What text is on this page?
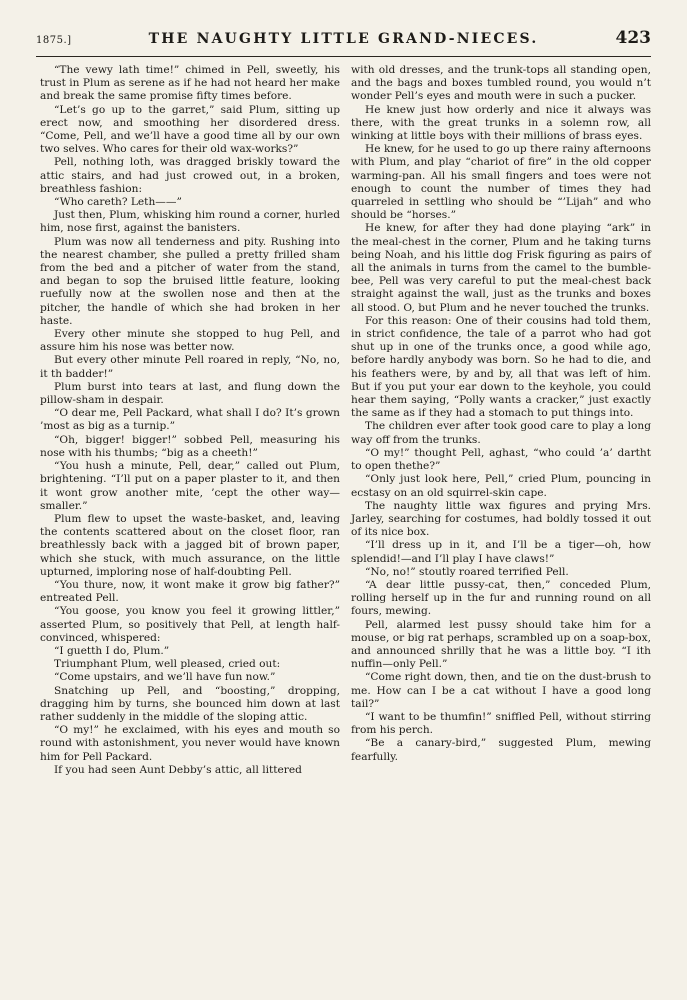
1875.]	THE NAUGHTY LITTLE GRAND-NIECES.	423

“The vewy lath time!” chimed in Pell, sweetly, his trust in Plum as serene as if he had not heard her make and break the same promise fifty times before.

“Let’s go up to the garret,” said Plum, sitting up erect now, and smoothing her disordered dress. “Come, Pell, and we’ll have a good time all by our own two selves. Who cares for their old wax-works?”

Pell, nothing loth, was dragged briskly toward the attic stairs, and had just crowed out, in a broken, breathless fashion:

“Who careth? Leth——”

Just then, Plum, whisking him round a corner, hurled him, nose first, against the banisters.

Plum was now all tenderness and pity. Rushing into the nearest chamber, she pulled a pretty frilled sham from the bed and a pitcher of water from the stand, and began to sop the bruised little feature, looking ruefully now at the swollen nose and then at the pitcher, the handle of which she had broken in her haste.

Every other minute she stopped to hug Pell, and assure him his nose was better now.

But every other minute Pell roared in reply, “No, no, it th badder!”

Plum burst into tears at last, and flung down the pillow-sham in despair.

“O dear me, Pell Packard, what shall I do? It’s grown ’most as big as a turnip.”

“Oh, bigger! bigger!” sobbed Pell, measuring his nose with his thumbs; “big as a cheeth!”

“You hush a minute, Pell, dear,” called out Plum, brightening. “I’ll put on a paper plaster to it, and then it wont grow another mite, ’cept the other way—smaller.”

Plum flew to upset the waste-basket, and, leaving the contents scattered about on the closet floor, ran breathlessly back with a jagged bit of brown paper, which she stuck, with much assurance, on the little upturned, imploring nose of half-doubting Pell.

“You thure, now, it wont make it grow big father?” entreated Pell.

“You goose, you know you feel it growing littler,” asserted Plum, so positively that Pell, at length half-convinced, whispered:

“I guetth I do, Plum.”

Triumphant Plum, well pleased, cried out:

“Come upstairs, and we’ll have fun now.”

Snatching up Pell, and “boosting,” dropping, dragging him by turns, she bounced him down at last rather suddenly in the middle of the sloping attic.

“O my!” he exclaimed, with his eyes and mouth so round with astonishment, you never would have known him for Pell Packard.

If you had seen Aunt Debby’s attic, all littered

with old dresses, and the trunk-tops all standing open, and the bags and boxes tumbled round, you would n’t wonder Pell’s eyes and mouth were in such a pucker.

He knew just how orderly and nice it always was there, with the great trunks in a solemn row, all winking at little boys with their millions of brass eyes.

He knew, for he used to go up there rainy afternoons with Plum, and play “chariot of fire” in the old copper warming-pan. All his small fingers and toes were not enough to count the number of times they had quarreled in settling who should be “’Lijah” and who should be “horses.”

He knew, for after they had done playing “ark” in the meal-chest in the corner, Plum and he taking turns being Noah, and his little dog Frisk figuring as pairs of all the animals in turns from the camel to the bumble-bee, Pell was very careful to put the meal-chest back straight against the wall, just as the trunks and boxes all stood. O, but Plum and he never touched the trunks.

For this reason: One of their cousins had told them, in strict confidence, the tale of a parrot who had got shut up in one of the trunks once, a good while ago, before hardly anybody was born. So he had to die, and his feathers were, by and by, all that was left of him. But if you put your ear down to the keyhole, you could hear them saying, “Polly wants a cracker,” just exactly the same as if they had a stomach to put things into.

The children ever after took good care to play a long way off from the trunks.

“O my!” thought Pell, aghast, “who could ’a’ dartht to open thethe?”

“Only just look here, Pell,” cried Plum, pouncing in ecstasy on an old squirrel-skin cape.

The naughty little wax figures and prying Mrs. Jarley, searching for costumes, had boldly tossed it out of its nice box.

“I’ll dress up in it, and I’ll be a tiger—oh, how splendid!—and I’ll play I have claws!”

“No, no!” stoutly roared terrified Pell.

“A dear little pussy-cat, then,” conceded Plum, rolling herself up in the fur and running round on all fours, mewing.

Pell, alarmed lest pussy should take him for a mouse, or big rat perhaps, scrambled up on a soap-box, and announced shrilly that he was a little boy. “I ith nuffin—only Pell.”

“Come right down, then, and tie on the dust-brush to me. How can I be a cat without I have a good long tail?”

“I want to be thumfin!” sniffled Pell, without stirring from his perch.

“Be a canary-bird,” suggested Plum, mewing fearfully.
